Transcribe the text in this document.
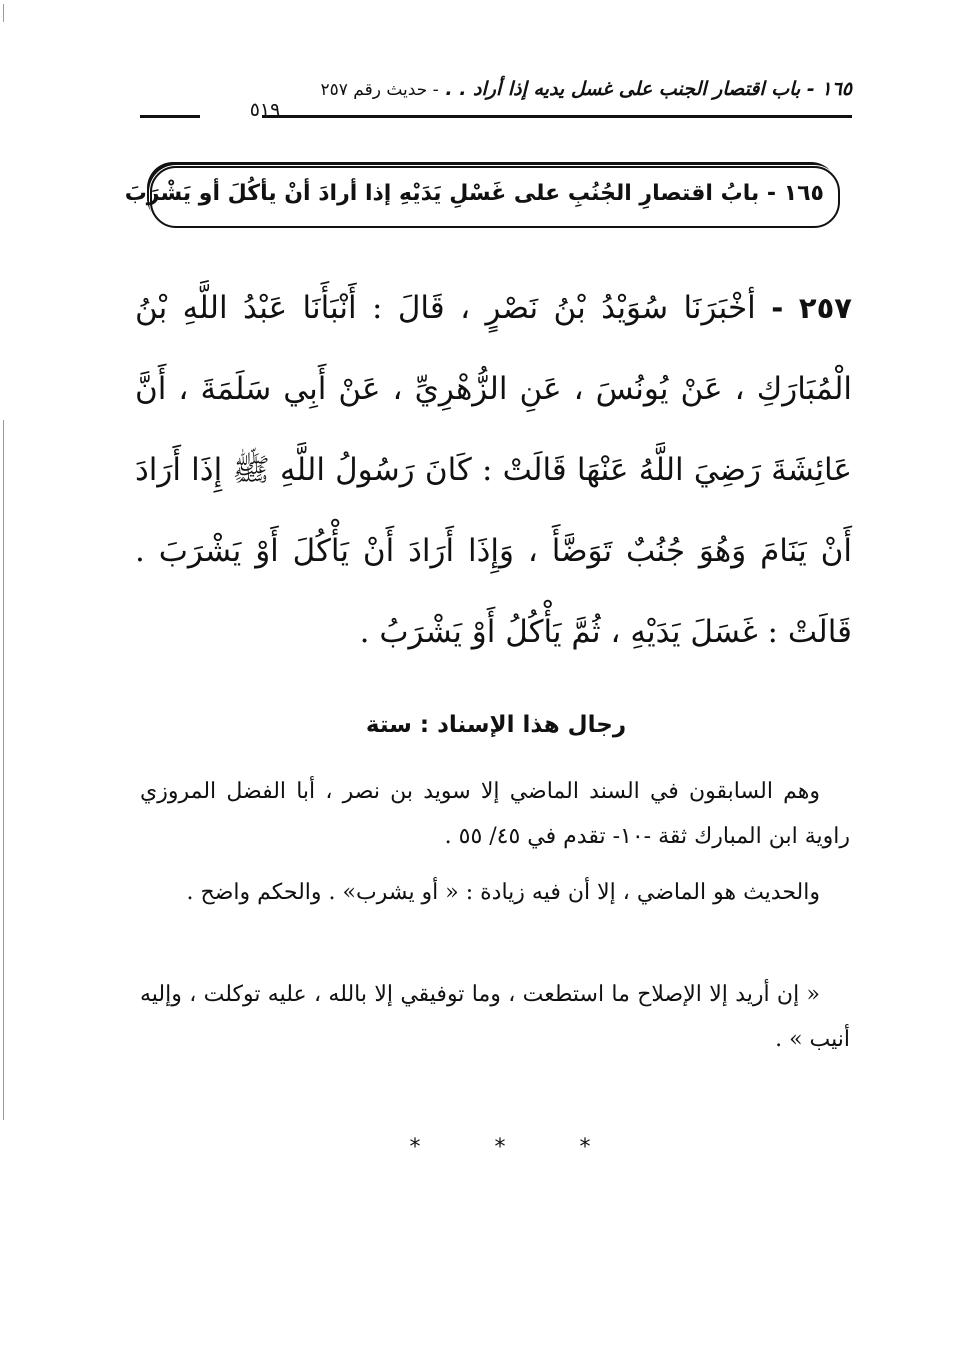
١٦٥ - باب اقتصار الجنب على غسل يديه إذا أراد . . - حديث رقم ٢٥٧
٥١٩
١٦٥ - بابُ اقتصارِ الجُنُبِ على غَسْلِ يَدَيْهِ إذا أرادَ أنْ يأكُلَ أو يَشْرَبَ
٢٥٧ - أخْبَرَنَا سُوَيْدُ بْنُ نَصْرٍ ، قَالَ : أَنْبَأَنَا عَبْدُ اللَّهِ بْنُ الْمُبَارَكِ ، عَنْ يُونُسَ ، عَنِ الزُّهْرِيِّ ، عَنْ أَبِي سَلَمَةَ ، أَنَّ عَائِشَةَ رَضِيَ اللَّهُ عَنْهَا قَالَتْ : كَانَ رَسُولُ اللَّهِ ﷺ إِذَا أَرَادَ أَنْ يَنَامَ وَهُوَ جُنُبٌ تَوَضَّأَ ، وَإِذَا أَرَادَ أَنْ يَأْكُلَ أَوْ يَشْرَبَ . قَالَتْ : غَسَلَ يَدَيْهِ ، ثُمَّ يَأْكُلُ أَوْ يَشْرَبُ .
رجال هذا الإسناد : ستة
وهم السابقون في السند الماضي إلا سويد بن نصر ، أبا الفضل المروزي راوية ابن المبارك ثقة -١٠- تقدم في ٤٥/ ٥٥ .
والحديث هو الماضي ، إلا أن فيه زيادة : « أو يشرب» . والحكم واضح .
« إن أريد إلا الإصلاح ما استطعت ، وما توفيقي إلا بالله ، عليه توكلت ، وإليه أنيب » .
*	*	*
